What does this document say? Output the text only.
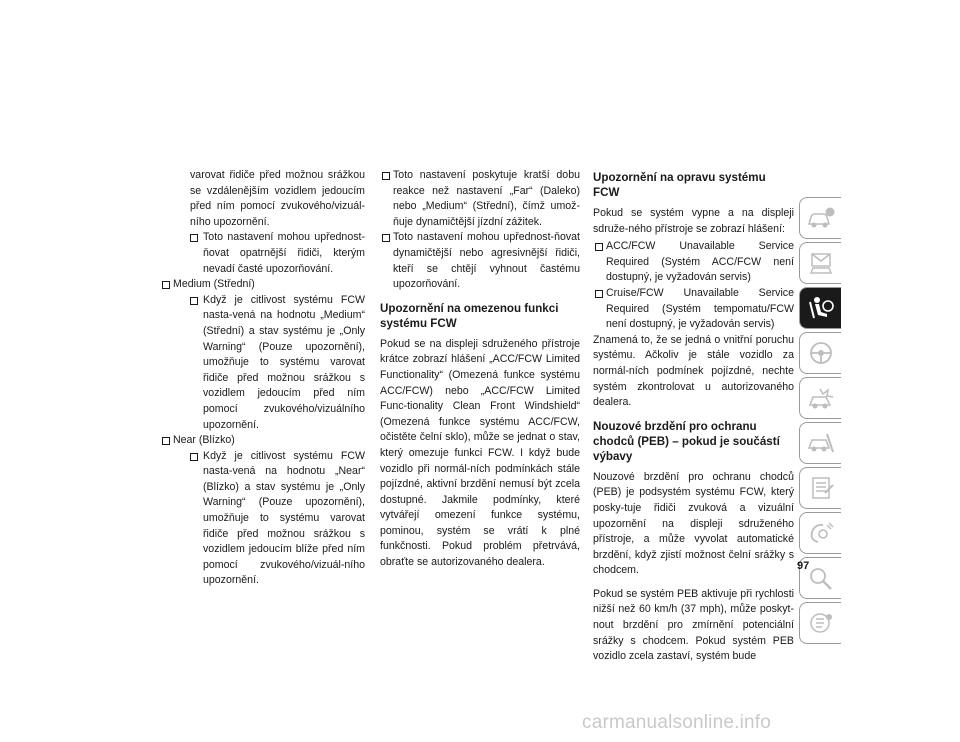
varovat řidiče před možnou srážkou se vzdálenějším vozidlem jedoucím před ním pomocí zvukového/vizuál-ního upozornění.

Toto nastavení mohou upřednost-ňovat opatrnější řidiči, kterým nevadí časté upozorňování.

Medium (Střední)

Když je citlivost systému FCW nasta-vená na hodnotu „Medium“ (Střední) a stav systému je „Only Warning“ (Pouze upozornění), umožňuje to systému varovat řidiče před možnou srážkou s vozidlem jedoucím před ním pomocí zvukového/vizuálního upozornění.

Near (Blízko)

Když je citlivost systému FCW nasta-vená na hodnotu „Near“ (Blízko) a stav systému je „Only Warning“ (Pouze upozornění), umožňuje to systému varovat řidiče před možnou srážkou s vozidlem jedoucím blíže před ním pomocí zvukového/vizuál-ního upozornění.

Toto nastavení poskytuje kratší dobu reakce než nastavení „Far“ (Daleko) nebo „Medium“ (Střední), čímž umož-ňuje dynamičtější jízdní zážitek.

Toto nastavení mohou upřednost-ňovat dynamičtější nebo agresivnější řidiči, kteří se chtějí vyhnout častému upozorňování.

Upozornění na omezenou funkci systému FCW

Pokud se na displeji sdruženého přístroje krátce zobrazí hlášení „ACC/FCW Limited Functionality“ (Omezená funkce systému ACC/FCW) nebo „ACC/FCW Limited Func-tionality Clean Front Windshield“ (Omezená funkce systému ACC/FCW, očistěte čelní sklo), může se jednat o stav, který omezuje funkci FCW. I když bude vozidlo při normál-ních podmínkách stále pojízdné, aktivní brzdění nemusí být zcela dostupné. Jakmile podmínky, které vytvářejí omezení funkce systému, pominou, systém se vrátí k plné funkčnosti. Pokud problém přetrvává, obraťte se autorizovaného dealera.

Upozornění na opravu systému FCW

Pokud se systém vypne a na displeji sdruže-ného přístroje se zobrazí hlášení:

ACC/FCW Unavailable Service Required (Systém ACC/FCW není dostupný, je vyžadován servis)

Cruise/FCW Unavailable Service Required (Systém tempomatu/FCW není dostupný, je vyžadován servis)

Znamená to, že se jedná o vnitřní poruchu systému. Ačkoliv je stále vozidlo za normál-ních podmínek pojízdné, nechte systém zkontrolovat u autorizovaného dealera.

Nouzové brzdění pro ochranu chodců (PEB) – pokud je součástí výbavy

Nouzové brzdění pro ochranu chodců (PEB) je podsystém systému FCW, který posky-tuje řidiči zvuková a vizuální upozornění na displeji sdruženého přístroje, a může vyvolat automatické brzdění, když zjistí možnost čelní srážky s chodcem.

Pokud se systém PEB aktivuje při rychlosti nižší než 60 km/h (37 mph), může poskyt-nout brzdění pro zmírnění potenciální srážky s chodcem. Pokud systém PEB vozidlo zcela zastaví, systém bude

97
carmanualsonline.info
